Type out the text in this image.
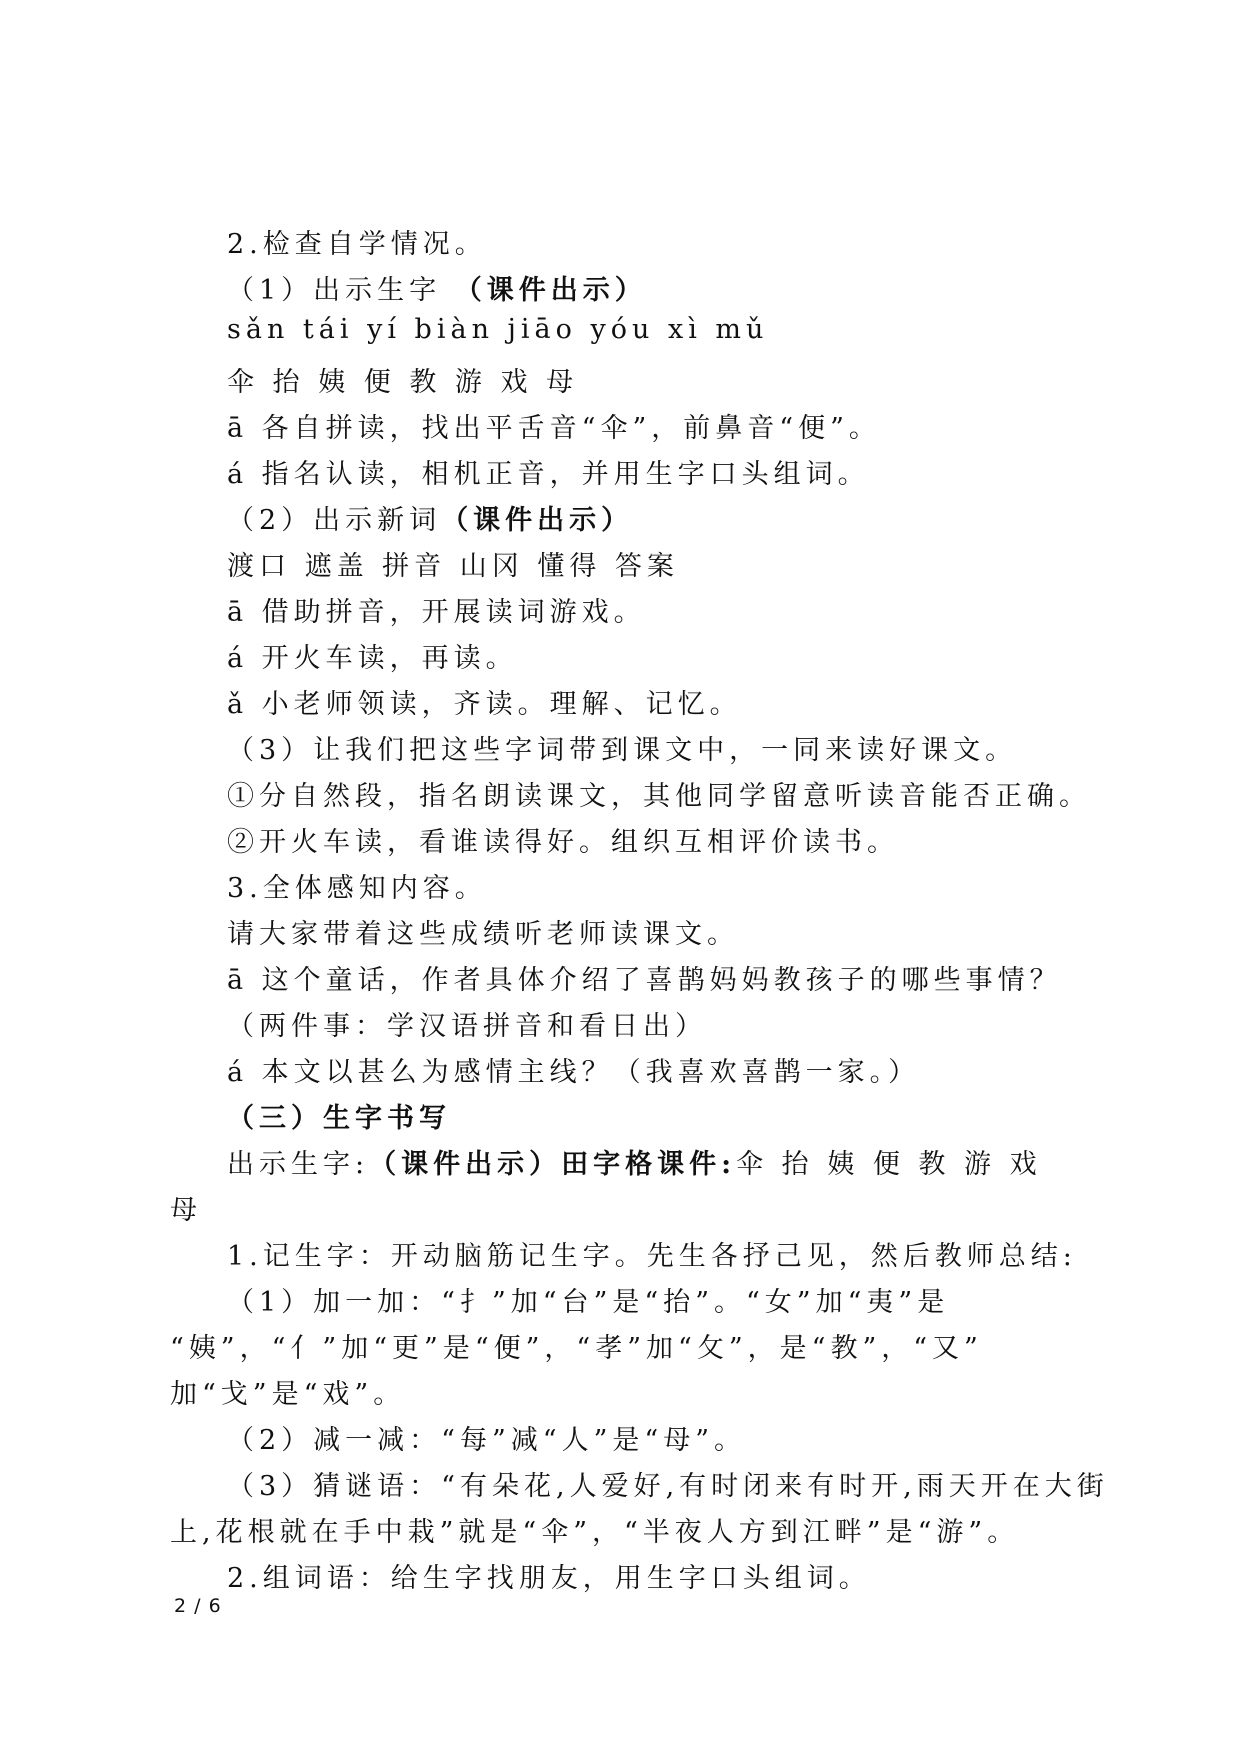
2.检查自学情况。
（1）出示生字 （课件出示）
sǎn tái yí biàn jiāo yóu xì mǔ
伞 抬 姨 便 教 游 戏 母
ā 各自拼读，找出平舌音“伞”，前鼻音“便”。
á 指名认读，相机正音，并用生字口头组词。
（2）出示新词（课件出示）
渡口 遮盖 拼音 山冈 懂得 答案
ā 借助拼音，开展读词游戏。
á 开火车读，再读。
ǎ 小老师领读，齐读。理解、记忆。
（3）让我们把这些字词带到课文中，一同来读好课文。
①分自然段，指名朗读课文，其他同学留意听读音能否正确。
②开火车读，看谁读得好。组织互相评价读书。
3.全体感知内容。
请大家带着这些成绩听老师读课文。
ā 这个童话，作者具体介绍了喜鹊妈妈教孩子的哪些事情？
（两件事：学汉语拼音和看日出）
á 本文以甚么为感情主线？（我喜欢喜鹊一家。）
（三）生字书写
出示生字:（课件出示）田字格课件:伞 抬 姨 便 教 游 戏
母
1.记生字：开动脑筋记生字。先生各抒己见，然后教师总结:
（1）加一加：“扌”加“台”是“抬”。“女”加“夷”是
“姨”，“亻”加“更”是“便”，“孝”加“攵”，是“教”，“又”
加“戈”是“戏”。
（2）减一减：“每”减“人”是“母”。
（3）猜谜语：“有朵花,人爱好,有时闭来有时开,雨天开在大街
上,花根就在手中栽”就是“伞”，“半夜人方到江畔”是“游”。
2.组词语：给生字找朋友，用生字口头组词。
2 / 6
